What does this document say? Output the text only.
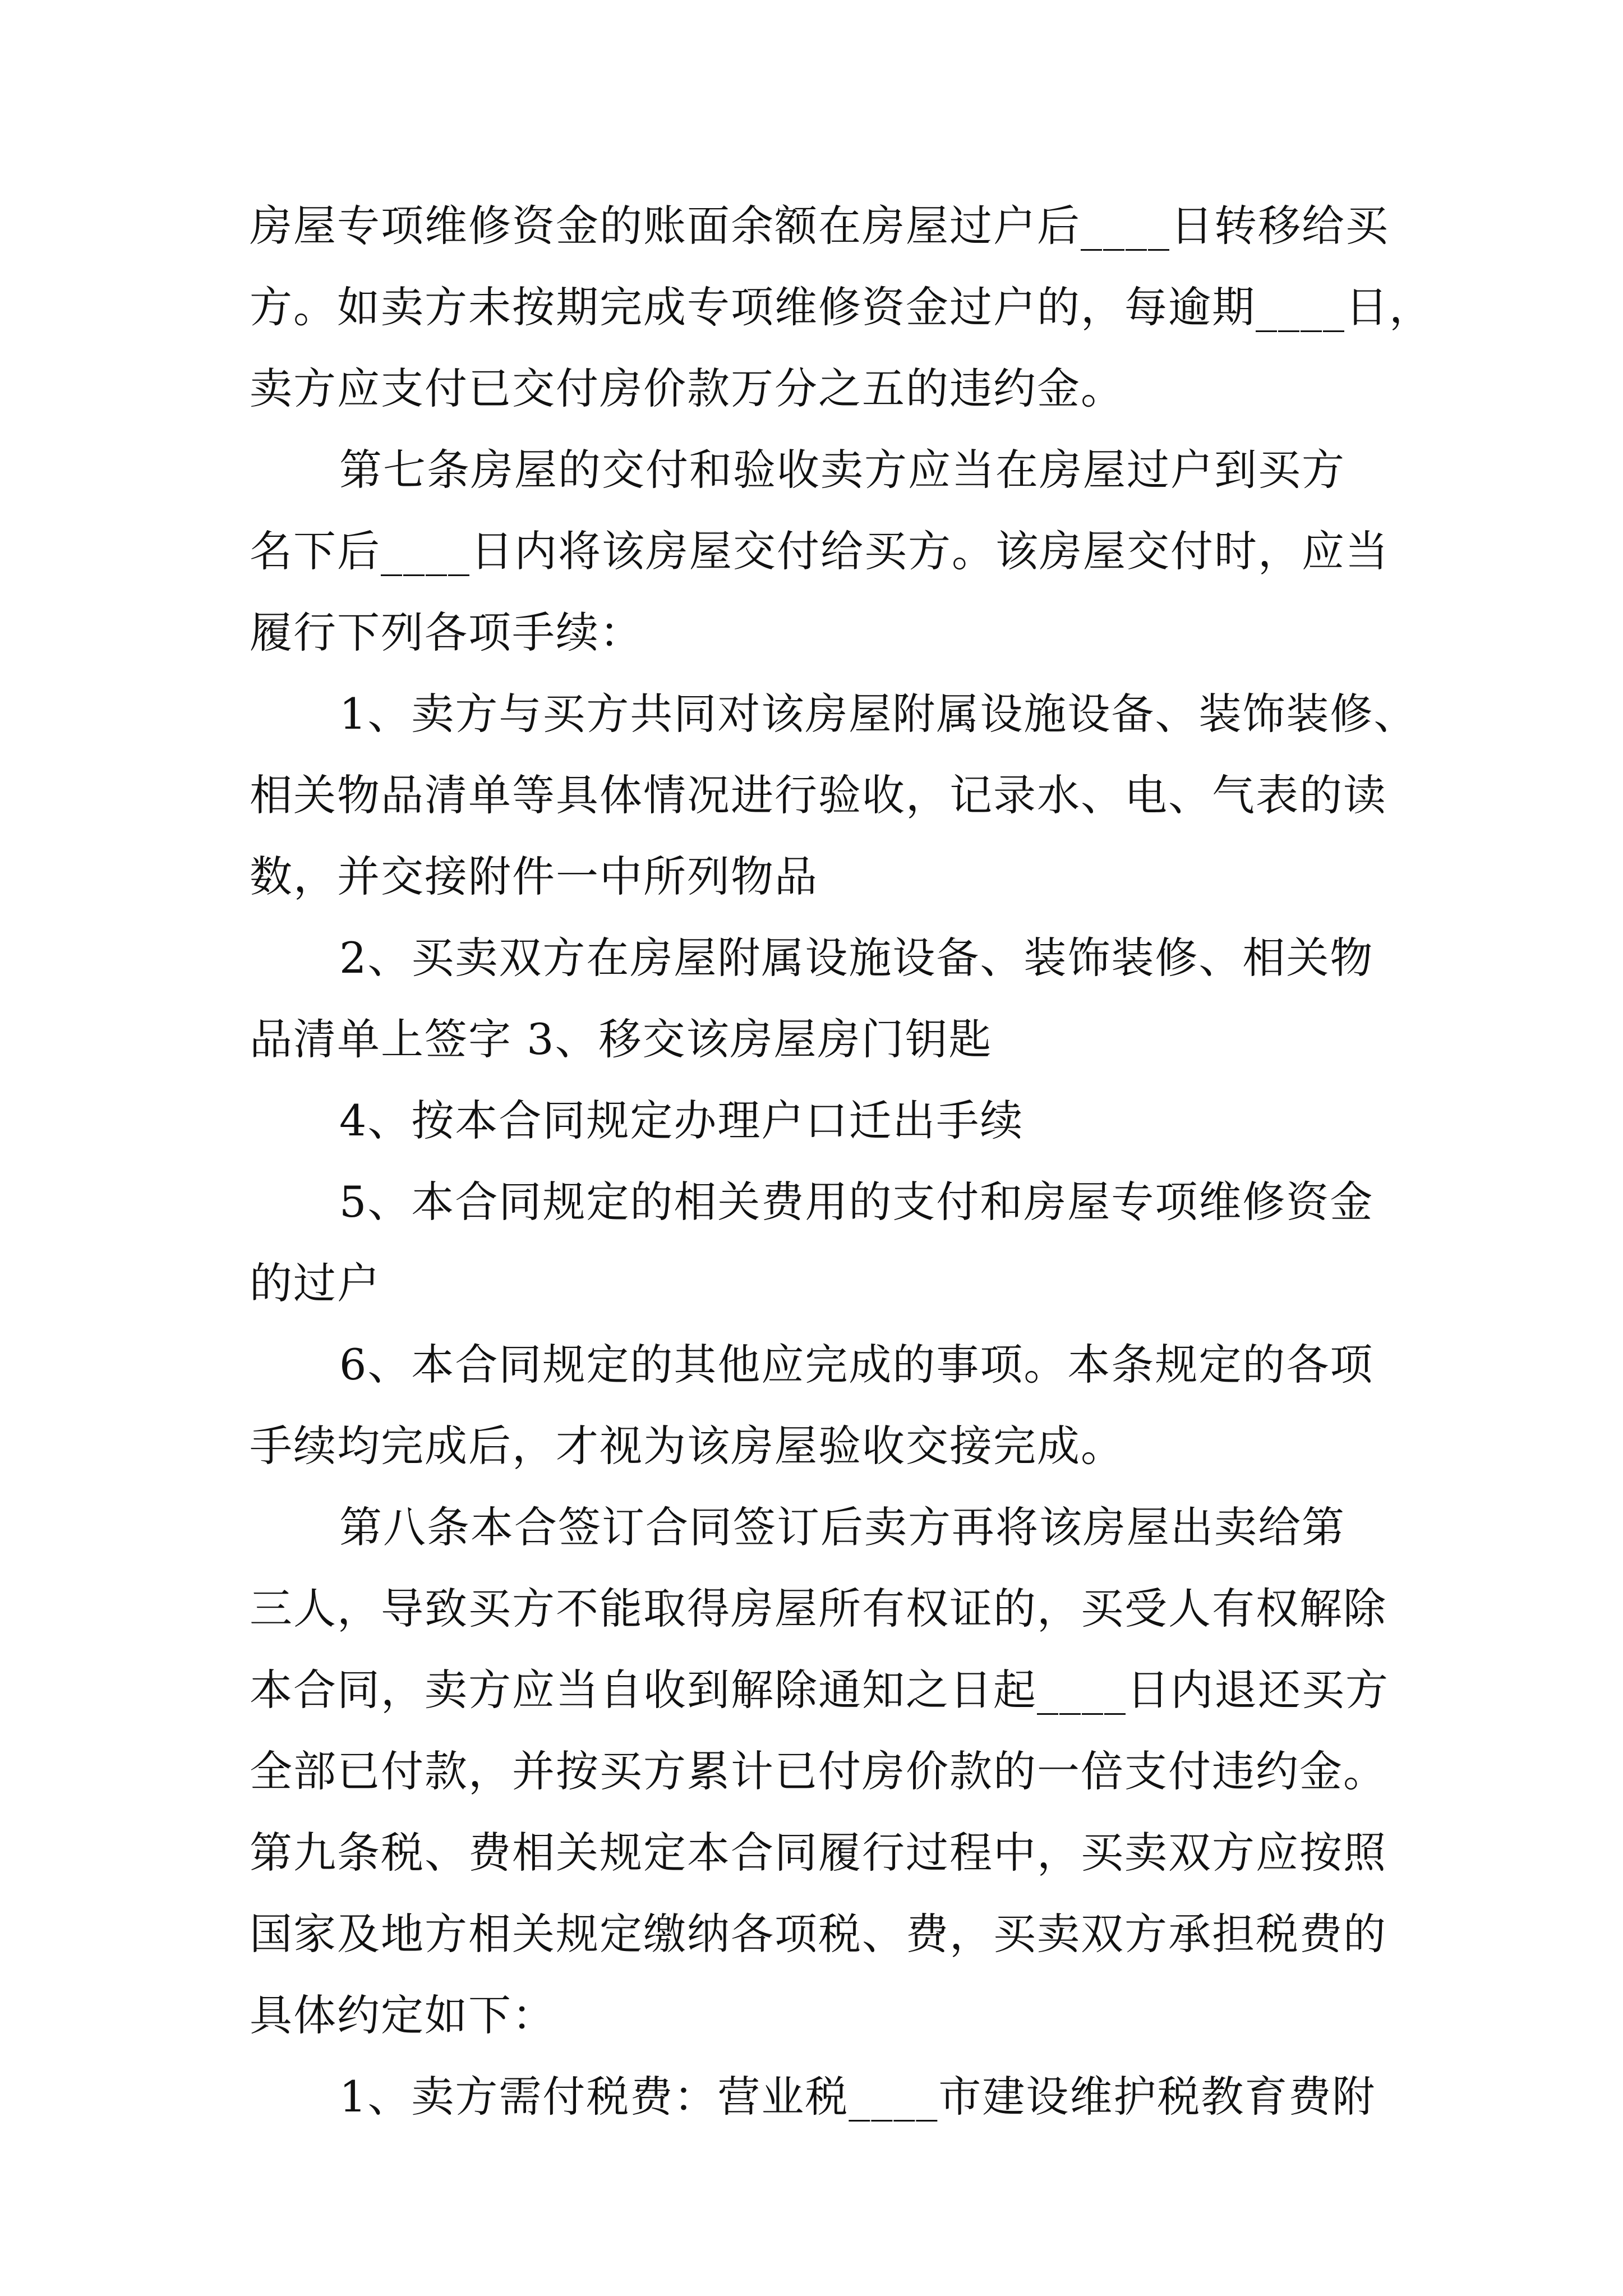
房屋专项维修资金的账面余额在房屋过户后____日转移给买
方。如卖方未按期完成专项维修资金过户的，每逾期____日，
卖方应支付已交付房价款万分之五的违约金。
第七条房屋的交付和验收卖方应当在房屋过户到买方
名下后____日内将该房屋交付给买方。该房屋交付时，应当
履行下列各项手续：
1、卖方与买方共同对该房屋附属设施设备、装饰装修、
相关物品清单等具体情况进行验收，记录水、电、气表的读
数，并交接附件一中所列物品
2、买卖双方在房屋附属设施设备、装饰装修、相关物
品清单上签字 3、移交该房屋房门钥匙
4、按本合同规定办理户口迁出手续
5、本合同规定的相关费用的支付和房屋专项维修资金
的过户
6、本合同规定的其他应完成的事项。本条规定的各项
手续均完成后，才视为该房屋验收交接完成。
第八条本合签订合同签订后卖方再将该房屋出卖给第
三人，导致买方不能取得房屋所有权证的，买受人有权解除
本合同，卖方应当自收到解除通知之日起____日内退还买方
全部已付款，并按买方累计已付房价款的一倍支付违约金。
第九条税、费相关规定本合同履行过程中，买卖双方应按照
国家及地方相关规定缴纳各项税、费，买卖双方承担税费的
具体约定如下：
1、卖方需付税费：营业税____市建设维护税教育费附
